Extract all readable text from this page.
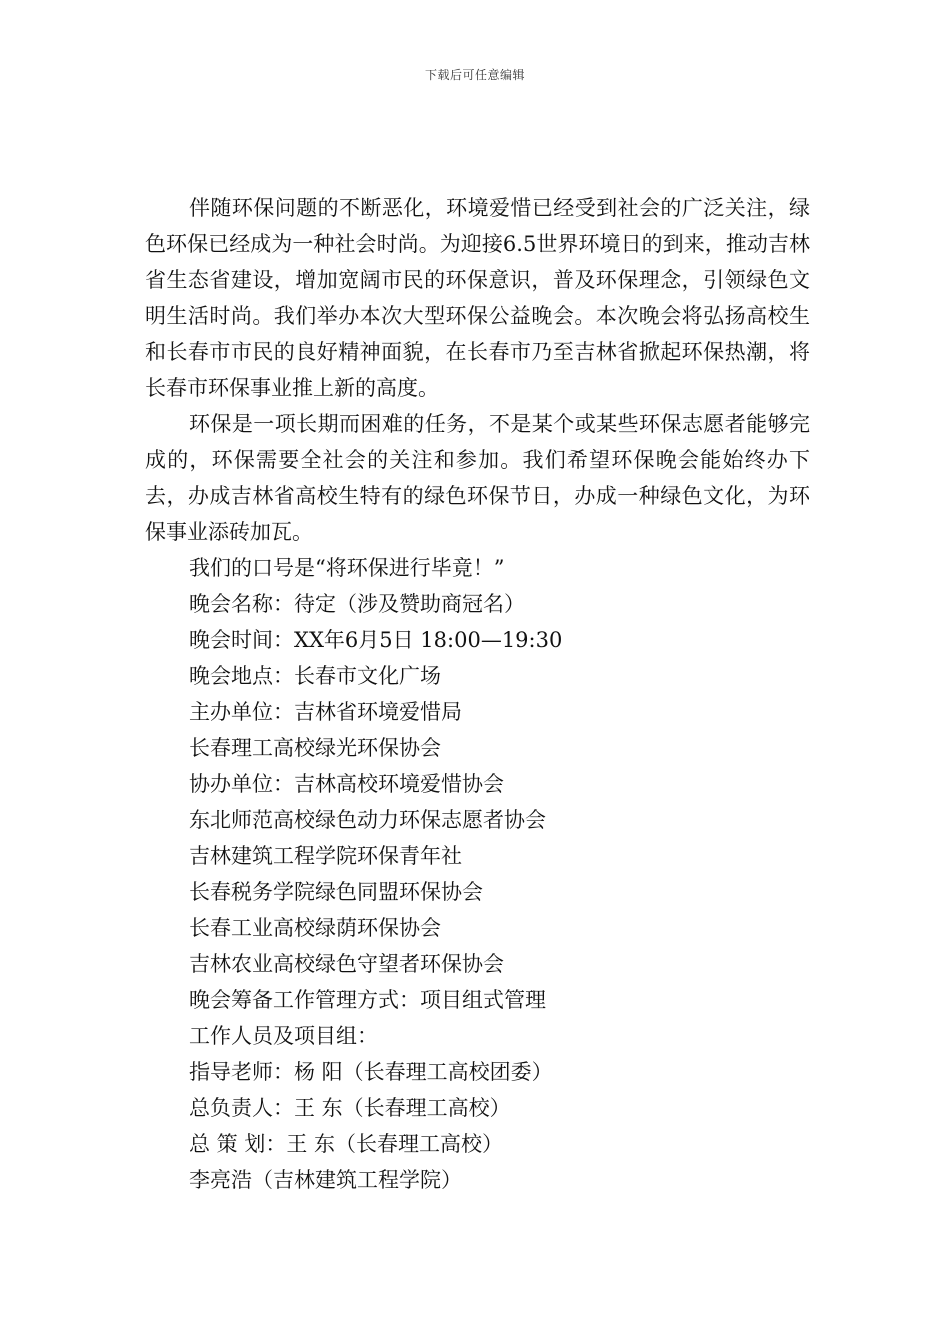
下载后可任意编辑

伴随环保问题的不断恶化，环境爱惜已经受到社会的广泛关注，绿色环保已经成为一种社会时尚。为迎接6.5世界环境日的到来，推动吉林省生态省建设，增加宽阔市民的环保意识，普及环保理念，引领绿色文明生活时尚。我们举办本次大型环保公益晚会。本次晚会将弘扬高校生和长春市市民的良好精神面貌，在长春市乃至吉林省掀起环保热潮，将长春市环保事业推上新的高度。

环保是一项长期而困难的任务，不是某个或某些环保志愿者能够完成的，环保需要全社会的关注和参加。我们希望环保晚会能始终办下去，办成吉林省高校生特有的绿色环保节日，办成一种绿色文化，为环保事业添砖加瓦。

我们的口号是“将环保进行毕竟！”

晚会名称：待定（涉及赞助商冠名）

晚会时间：XX年6月5日 18:00—19:30

晚会地点：长春市文化广场

主办单位：吉林省环境爱惜局

长春理工高校绿光环保协会

协办单位：吉林高校环境爱惜协会

东北师范高校绿色动力环保志愿者协会

吉林建筑工程学院环保青年社

长春税务学院绿色同盟环保协会

长春工业高校绿荫环保协会

吉林农业高校绿色守望者环保协会

晚会筹备工作管理方式：项目组式管理

工作人员及项目组：

指导老师：杨 阳（长春理工高校团委）

总负责人：王 东（长春理工高校）

总 策 划：王 东（长春理工高校）

李亮浩（吉林建筑工程学院）
